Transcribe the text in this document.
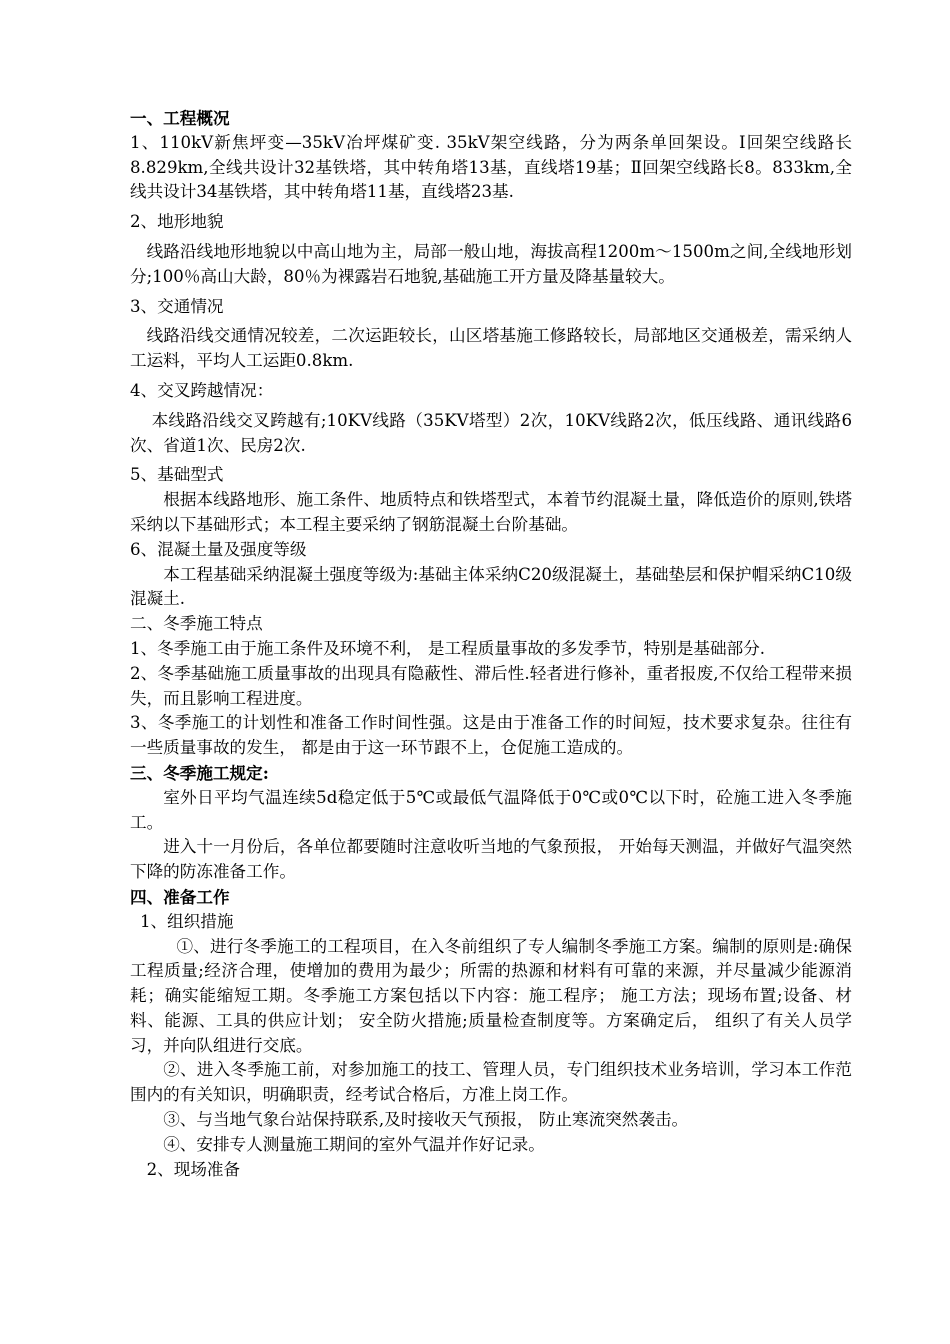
一、工程概况

1、110kV新焦坪变—35kV冶坪煤矿变. 35kV架空线路，分为两条单回架设。Ⅰ回架空线路长8.829km,全线共设计32基铁塔，其中转角塔13基，直线塔19基；Ⅱ回架空线路长8。833km,全线共设计34基铁塔，其中转角塔11基，直线塔23基.

2、地形地貌

线路沿线地形地貌以中高山地为主，局部一般山地，海拔高程1200m～1500m之间,全线地形划分;100％高山大龄，80％为裸露岩石地貌,基础施工开方量及降基量较大。

3、交通情况

线路沿线交通情况较差，二次运距较长，山区塔基施工修路较长，局部地区交通极差，需采纳人工运料，平均人工运距0.8km.

4、交叉跨越情况：

本线路沿线交叉跨越有;10KV线路（35KV塔型）2次，10KV线路2次，低压线路、通讯线路6次、省道1次、民房2次.

5、基础型式

根据本线路地形、施工条件、地质特点和铁塔型式，本着节约混凝土量，降低造价的原则,铁塔采纳以下基础形式；本工程主要采纳了钢筋混凝土台阶基础。

6、混凝土量及强度等级

本工程基础采纳混凝土强度等级为:基础主体采纳C20级混凝土，基础垫层和保护帽采纳C10级混凝土.

二、冬季施工特点

1、冬季施工由于施工条件及环境不利， 是工程质量事故的多发季节，特别是基础部分.

2、冬季基础施工质量事故的出现具有隐蔽性、滞后性.轻者进行修补，重者报废,不仅给工程带来损失，而且影响工程进度。

3、冬季施工的计划性和准备工作时间性强。这是由于准备工作的时间短，技术要求复杂。往往有一些质量事故的发生， 都是由于这一环节跟不上，仓促施工造成的。

三、冬季施工规定:

室外日平均气温连续5d稳定低于5℃或最低气温降低于0℃或0℃以下时，砼施工进入冬季施工。

进入十一月份后，各单位都要随时注意收听当地的气象预报， 开始每天测温，并做好气温突然下降的防冻准备工作。

四、准备工作

1、组织措施

①、进行冬季施工的工程项目，在入冬前组织了专人编制冬季施工方案。编制的原则是:确保工程质量;经济合理，使增加的费用为最少；所需的热源和材料有可靠的来源，并尽量减少能源消耗；确实能缩短工期。冬季施工方案包括以下内容：施工程序； 施工方法；现场布置;设备、材料、能源、工具的供应计划； 安全防火措施;质量检查制度等。方案确定后， 组织了有关人员学习，并向队组进行交底。

②、进入冬季施工前，对参加施工的技工、管理人员，专门组织技术业务培训，学习本工作范围内的有关知识，明确职责，经考试合格后，方准上岗工作。

③、与当地气象台站保持联系,及时接收天气预报， 防止寒流突然袭击。

④、安排专人测量施工期间的室外气温并作好记录。

2、现场准备
